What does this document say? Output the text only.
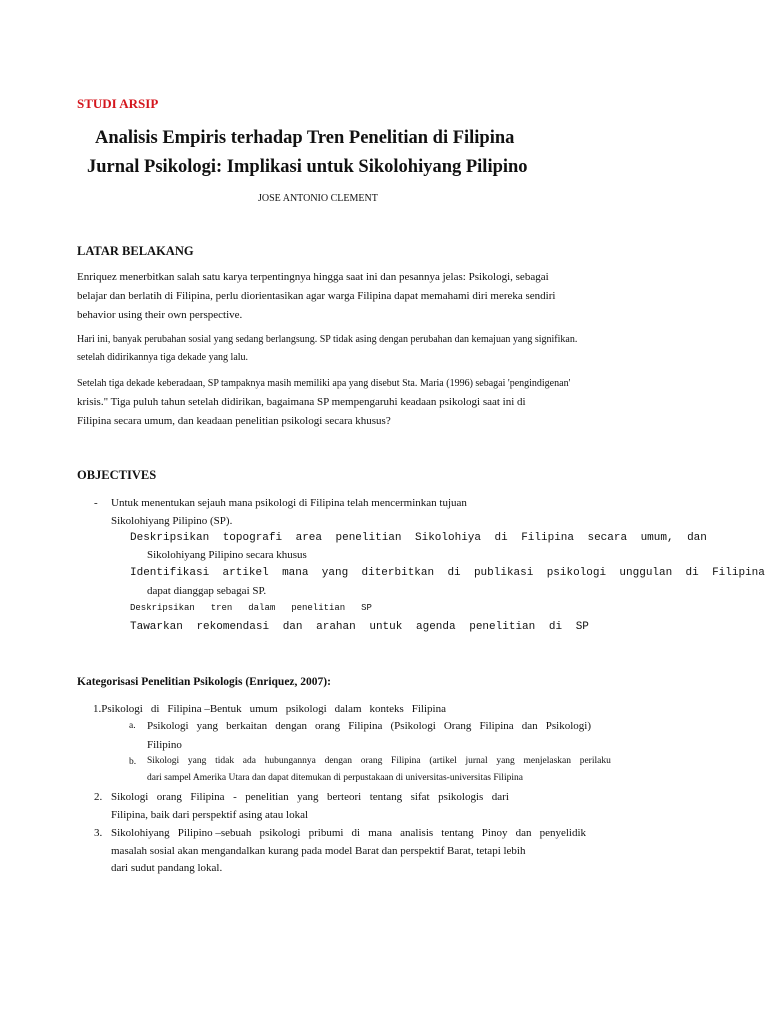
STUDI ARSIP
Analisis Empiris terhadap Tren Penelitian di Filipina
Jurnal Psikologi: Implikasi untuk Sikolohiyang Pilipino
JOSE ANTONIO CLEMENT
LATAR BELAKANG
Enriquez menerbitkan salah satu karya terpentingnya hingga saat ini dan pesannya jelas: Psikologi, sebagai
belajar dan berlatih di Filipina, perlu diorientasikan agar warga Filipina dapat memahami diri mereka sendiri
behavior using their own perspective.
Hari ini, banyak perubahan sosial yang sedang berlangsung. SP tidak asing dengan perubahan dan kemajuan yang signifikan.
setelah didirikannya tiga dekade yang lalu.
Setelah tiga dekade keberadaan, SP tampaknya masih memiliki apa yang disebut Sta. Maria (1996) sebagai 'pengindigenan'
krisis." Tiga puluh tahun setelah didirikan, bagaimana SP mempengaruhi keadaan psikologi saat ini di
Filipina secara umum, dan keadaan penelitian psikologi secara khusus?
OBJECTIVES
- Untuk menentukan sejauh mana psikologi di Filipina telah mencerminkan tujuan
Sikolohiyang Pilipino (SP).
Deskripsikan topografi area penelitian Sikolohiya di Filipina secara umum, dan
Sikolohiyang Pilipino secara khusus
Identifikasi artikel mana yang diterbitkan di publikasi psikologi unggulan di Filipina
dapat dianggap sebagai SP.
Deskripsikan tren dalam penelitian SP
Tawarkan rekomendasi dan arahan untuk agenda penelitian di SP
Kategorisasi Penelitian Psikologis (Enriquez, 2007):
1.Psikologi di Filipina –Bentuk umum psikologi dalam konteks Filipina
a. Psikologi yang berkaitan dengan orang Filipina (Psikologi Orang Filipina dan Psikologi)
Filipino
b. Sikologi yang tidak ada hubungannya dengan orang Filipina (artikel jurnal yang menjelaskan perilaku
dari sampel Amerika Utara dan dapat ditemukan di perpustakaan di universitas-universitas Filipina
2. Sikologi orang Filipina - penelitian yang berteori tentang sifat psikologis dari
Filipina, baik dari perspektif asing atau lokal
3. Sikolohiyang Pilipino –sebuah psikologi pribumi di mana analisis tentang Pinoy dan penyelidik
masalah sosial akan mengandalkan kurang pada model Barat dan perspektif Barat, tetapi lebih
dari sudut pandang lokal.
